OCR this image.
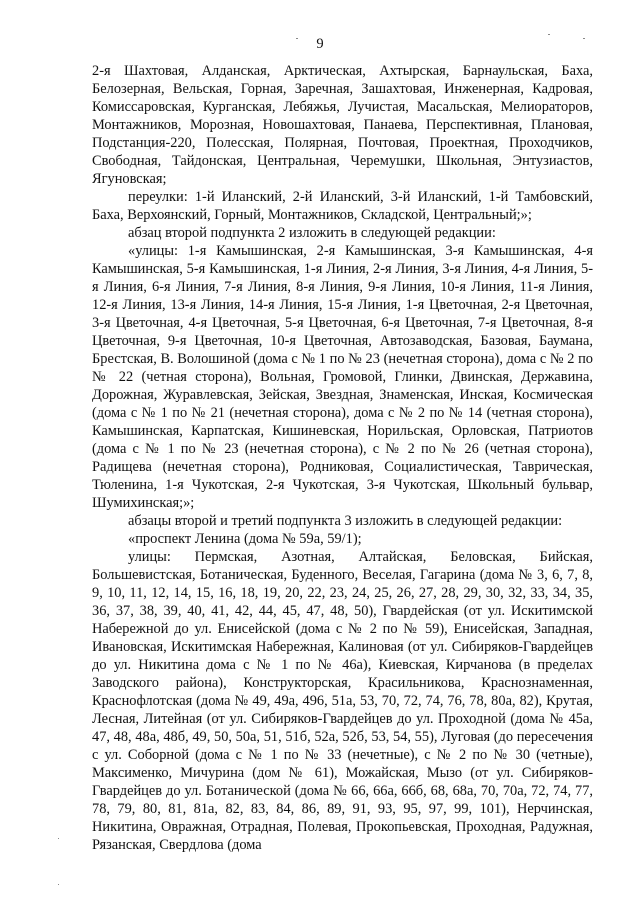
9

2-я Шахтовая, Алданская, Арктическая, Ахтырская, Барнаульская, Баха, Белозерная, Вельская, Горная, Заречная, Зашахтовая, Инженерная, Кадровая, Комиссаровская, Курганская, Лебяжья, Лучистая, Масальская, Мелиораторов, Монтажников, Морозная, Новошахтовая, Панаева, Перспективная, Плановая, Подстанция-220, Полесская, Полярная, Почтовая, Проектная, Проходчиков, Свободная, Тайдонская, Центральная, Черемушки, Школьная, Энтузиастов, Ягуновская;

переулки: 1-й Иланский, 2-й Иланский, 3-й Иланский, 1-й Тамбовский, Баха, Верхоянский, Горный, Монтажников, Складской, Центральный;»;

абзац второй подпункта 2 изложить в следующей редакции:

«улицы: 1-я Камышинская, 2-я Камышинская, 3-я Камышинская, 4-я Камышинская, 5-я Камышинская, 1-я Линия, 2-я Линия, 3-я Линия, 4-я Линия, 5-я Линия, 6-я Линия, 7-я Линия, 8-я Линия, 9-я Линия, 10-я Линия, 11-я Линия, 12-я Линия, 13-я Линия, 14-я Линия, 15-я Линия, 1-я Цветочная, 2-я Цветочная, 3-я Цветочная, 4-я Цветочная, 5-я Цветочная, 6-я Цветочная, 7-я Цветочная, 8-я Цветочная, 9-я Цветочная, 10-я Цветочная, Автозаводская, Базовая, Баумана, Брестская, В. Волошиной (дома с № 1 по № 23 (нечетная сторона), дома с № 2 по № 22 (четная сторона), Вольная, Громовой, Глинки, Двинская, Державина, Дорожная, Журавлевская, Зейская, Звездная, Знаменская, Инская, Космическая (дома с № 1 по № 21 (нечетная сторона), дома с № 2 по № 14 (четная сторона), Камышинская, Карпатская, Кишиневская, Норильская, Орловская, Патриотов (дома с № 1 по № 23 (нечетная сторона), с № 2 по № 26 (четная сторона), Радищева (нечетная сторона), Родниковая, Социалистическая, Таврическая, Тюленина, 1-я Чукотская, 2-я Чукотская, 3-я Чукотская, Школьный бульвар, Шумихинская;»;

абзацы второй и третий подпункта 3 изложить в следующей редакции:

«проспект Ленина (дома № 59а, 59/1);

улицы: Пермская, Азотная, Алтайская, Беловская, Бийская, Большевистская, Ботаническая, Буденного, Веселая, Гагарина (дома № 3, 6, 7, 8, 9, 10, 11, 12, 14, 15, 16, 18, 19, 20, 22, 23, 24, 25, 26, 27, 28, 29, 30, 32, 33, 34, 35, 36, 37, 38, 39, 40, 41, 42, 44, 45, 47, 48, 50), Гвардейская (от ул. Искитимской Набережной до ул. Енисейской (дома с № 2 по № 59), Енисейская, Западная, Ивановская, Искитимская Набережная, Калиновая (от ул. Сибиряков-Гвардейцев до ул. Никитина дома с № 1 по № 46а), Киевская, Кирчанова (в пределах Заводского района), Конструкторская, Красильникова, Краснознаменная, Краснофлотская (дома № 49, 49а, 496, 51а, 53, 70, 72, 74, 76, 78, 80а, 82), Крутая, Лесная, Литейная (от ул. Сибиряков-Гвардейцев до ул. Проходной (дома № 45а, 47, 48, 48а, 48б, 49, 50, 50а, 51, 51б, 52а, 52б, 53, 54, 55), Луговая (до пересечения с ул. Соборной (дома с № 1 по № 33 (нечетные), с № 2 по № 30 (четные), Максименко, Мичурина (дом № 61), Можайская, Мызо (от ул. Сибиряков-Гвардейцев до ул. Ботанической (дома № 66, 66а, 66б, 68, 68а, 70, 70а, 72, 74, 77, 78, 79, 80, 81, 81а, 82, 83, 84, 86, 89, 91, 93, 95, 97, 99, 101), Нерчинская, Никитина, Овражная, Отрадная, Полевая, Прокопьевская, Проходная, Радужная, Рязанская, Свердлова (дома
